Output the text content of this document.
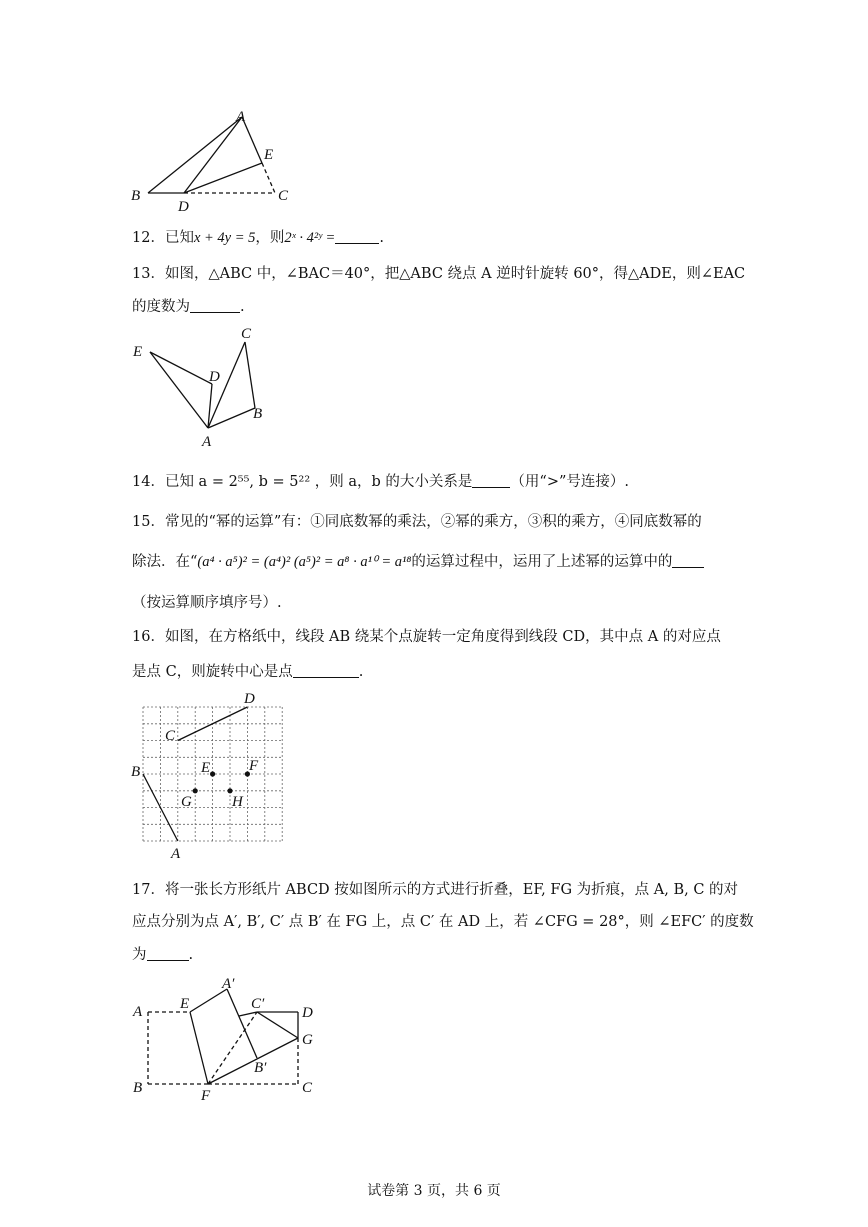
A
B	C
D
E
12．已知x + 4y = 5，则2ˣ · 4²ʸ =	.
13．如图，△ABC 中，∠BAC＝40°，把△ABC 绕点 A 逆时针旋转 60°，得△ADE，则∠EAC
的度数为	.
A
B
C
D
E
14．已知 a = 2⁵⁵, b = 5²² ，则 a，b 的大小关系是	（用“>”号连接）.
15．常见的“幂的运算”有：①同底数幂的乘法，②幂的乘方，③积的乘方，④同底数幂的
除法．在“(a⁴ · a⁵)² = (a⁴)² (a⁵)² = a⁸ · a¹⁰ = a¹⁸的运算过程中，运用了上述幂的运算中的
（按运算顺序填序号）.
16．如图，在方格纸中，线段 AB 绕某个点旋转一定角度得到线段 CD，其中点 A 的对应点
是点 C，则旋转中心是点	.
A
B
C
D
E	F
G	H
17．将一张长方形纸片 ABCD 按如图所示的方式进行折叠，EF, FG 为折痕，点 A, B, C 的对
应点分别为点 A′, B′, C′ 点 B′ 在 FG 上，点 C′ 在 AD 上，若 ∠CFG = 28°，则 ∠EFC′ 的度数
为	.
A
B	C
D
E
F
G
A′
B′
C′
试卷第 3 页，共 6 页
